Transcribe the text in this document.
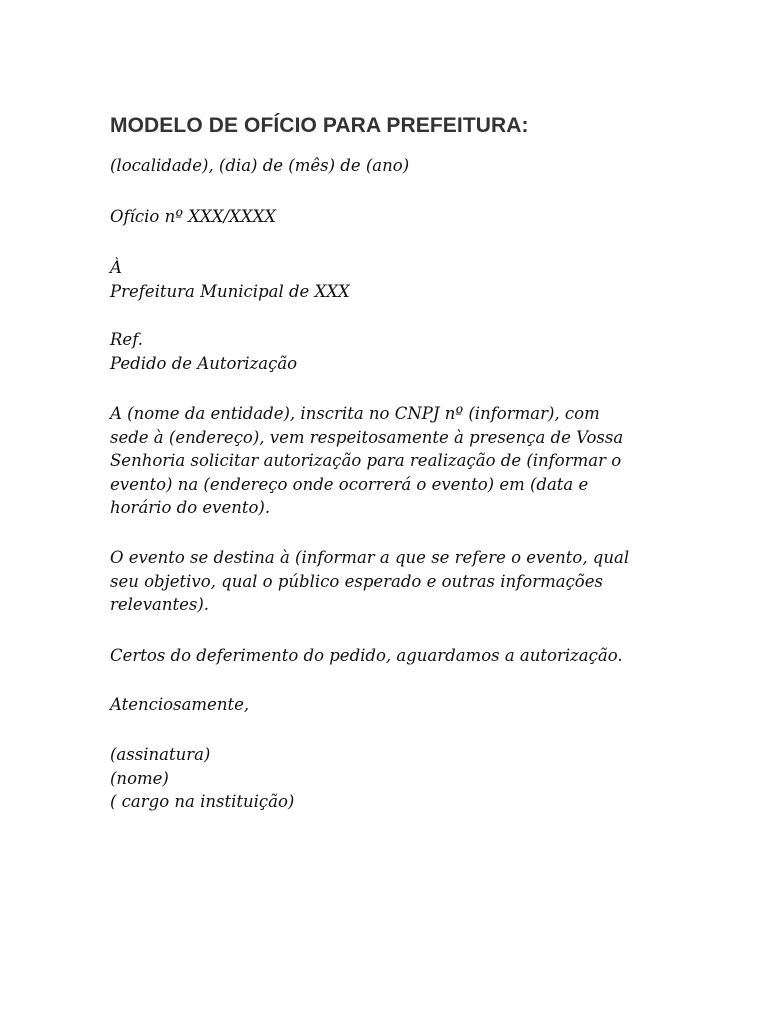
MODELO DE OFÍCIO PARA PREFEITURA:
(localidade), (dia) de (mês) de (ano)
Ofício nº XXX/XXXX
À
Prefeitura Municipal de XXX
Ref.
Pedido de Autorização
A (nome da entidade), inscrita no CNPJ nº (informar), com
sede à (endereço), vem respeitosamente à presença de Vossa
Senhoria solicitar autorização para realização de (informar o
evento) na (endereço onde ocorrerá o evento) em (data e
horário do evento).
O evento se destina à (informar a que se refere o evento, qual
seu objetivo, qual o público esperado e outras informações
relevantes).
Certos do deferimento do pedido, aguardamos a autorização.
Atenciosamente,
(assinatura)
(nome)
( cargo na instituição)
